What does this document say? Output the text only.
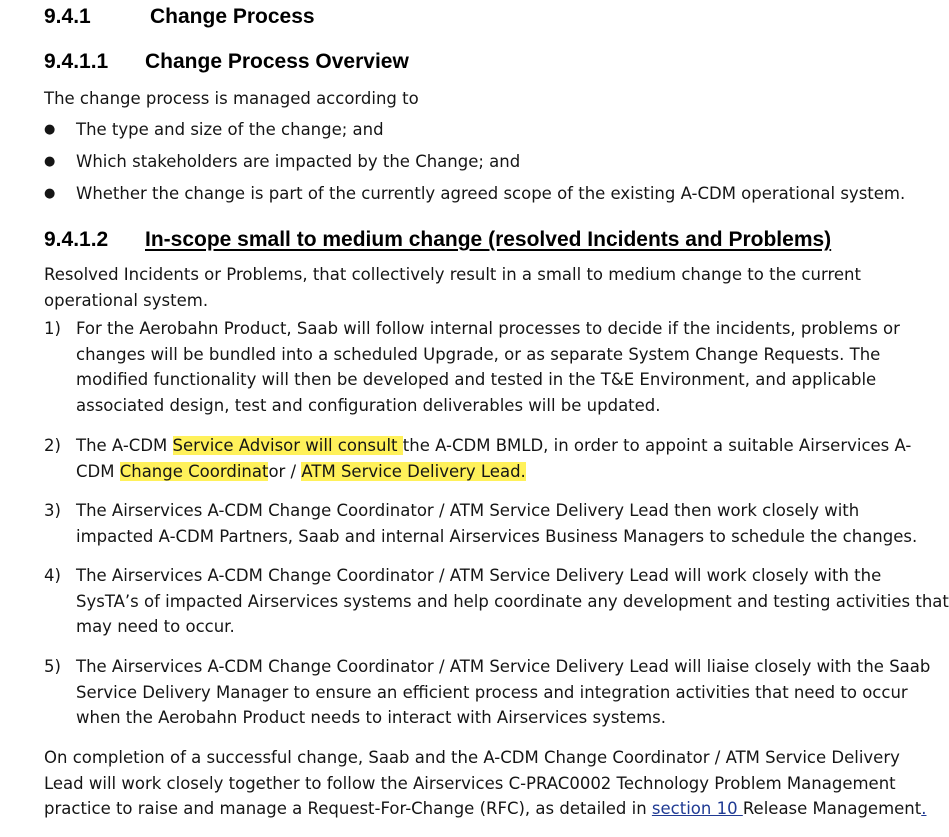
9.4.1	Change Process
9.4.1.1 Change Process Overview
The change process is managed according to
● The type and size of the change; and
● Which stakeholders are impacted by the Change; and
● Whether the change is part of the currently agreed scope of the existing A-CDM operational system.
9.4.1.2 In-scope small to medium change (resolved Incidents and Problems)
Resolved Incidents or Problems, that collectively result in a small to medium change to the current
operational system.
1) For the Aerobahn Product, Saab will follow internal processes to decide if the incidents, problems or
changes will be bundled into a scheduled Upgrade, or as separate System Change Requests. The
modified functionality will then be developed and tested in the T&E Environment, and applicable
associated design, test and configuration deliverables will be updated.
2) The A-CDM Service Advisor will consult the A-CDM BMLD, in order to appoint a suitable Airservices A-
CDM Change Coordinator / ATM Service Delivery Lead.
3) The Airservices A-CDM Change Coordinator / ATM Service Delivery Lead then work closely with
impacted A-CDM Partners, Saab and internal Airservices Business Managers to schedule the changes.
4) The Airservices A-CDM Change Coordinator / ATM Service Delivery Lead will work closely with the
SysTA’s of impacted Airservices systems and help coordinate any development and testing activities that
may need to occur.
5) The Airservices A-CDM Change Coordinator / ATM Service Delivery Lead will liaise closely with the Saab
Service Delivery Manager to ensure an efficient process and integration activities that need to occur
when the Aerobahn Product needs to interact with Airservices systems.
On completion of a successful change, Saab and the A-CDM Change Coordinator / ATM Service Delivery
Lead will work closely together to follow the Airservices C-PRAC0002 Technology Problem Management
practice to raise and manage a Request-For-Change (RFC), as detailed in section 10 Release Management.
